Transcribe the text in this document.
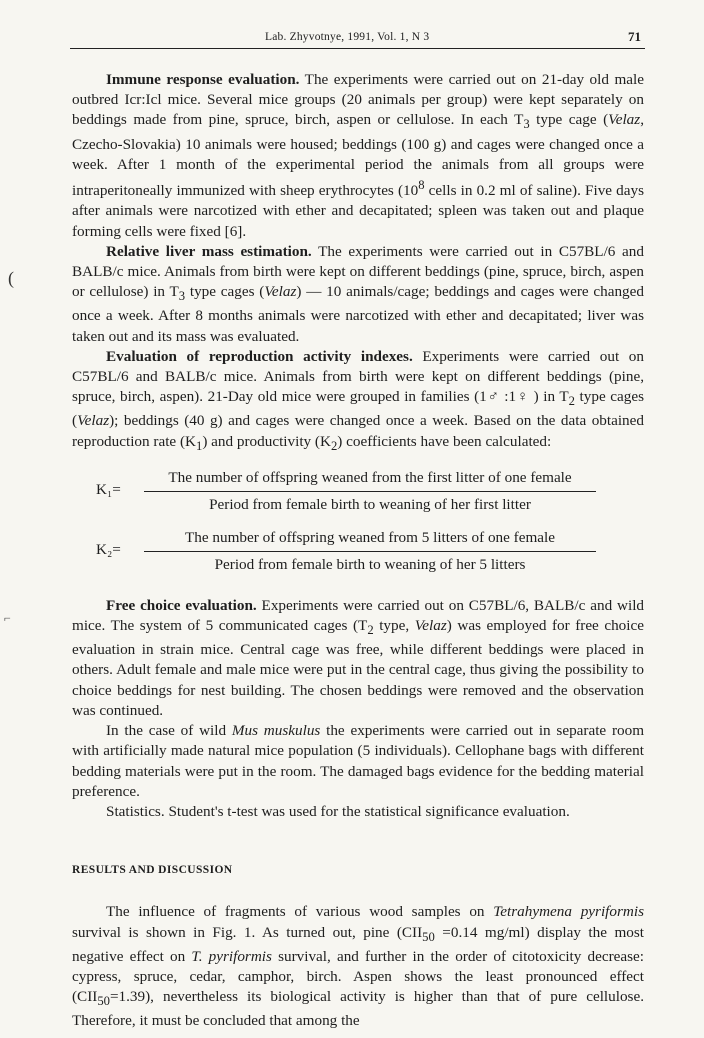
Lab. Zhyvotnye, 1991, Vol. 1, N 3	71
(
⌐

Immune response evaluation. The experiments were carried out on 21-day old male outbred Icr:Icl mice. Several mice groups (20 animals per group) were kept separately on beddings made from pine, spruce, birch, aspen or cellulose. In each $T_3$ type cage (Velaz, Czecho-Slovakia) 10 animals were housed; beddings (100 g) and cages were changed once a week. After 1 month of the experimental period the animals from all groups were intraperitoneally immunized with sheep erythrocytes ($10^8$ cells in 0.2 ml of saline). Five days after animals were narcotized with ether and decapitated; spleen was taken out and plaque forming cells were fixed [6].

Relative liver mass estimation. The experiments were carried out in C57BL/6 and BALB/c mice. Animals from birth were kept on different beddings (pine, spruce, birch, aspen or cellulose) in $T_3$ type cages (Velaz) — 10 animals/cage; beddings and cages were changed once a week. After 8 months animals were narcotized with ether and decapitated; liver was taken out and its mass was evaluated.

Evaluation of reproduction activity indexes. Experiments were carried out on C57BL/6 and BALB/c mice. Animals from birth were kept on different beddings (pine, spruce, birch, aspen). 21-Day old mice were grouped in families (1♂ :1♀ ) in $T_2$ type cages (Velaz); beddings (40 g) and cages were changed once a week. Based on the data obtained reproduction rate $(K_1)$ and productivity $(K_2)$ coefficients have been calculated:

K₁=
The number of offspring weaned from the first litter of one female
Period from female birth to weaning of her first litter
K₂=
The number of offspring weaned from 5 litters of one female
Period from female birth to weaning of her 5 litters

Free choice evaluation. Experiments were carried out on C57BL/6, BALB/c and wild mice. The system of 5 communicated cages ($T_2$ type, Velaz) was employed for free choice evaluation in strain mice. Central cage was free, while different beddings were placed in others. Adult female and male mice were put in the central cage, thus giving the possibility to choice beddings for nest building. The chosen beddings were removed and the observation was continued.

In the case of wild Mus muskulus the experiments were carried out in separate room with artificially made natural mice population (5 individuals). Cellophane bags with different bedding materials were put in the room. The damaged bags evidence for the bedding material preference.

Statistics. Student's t-test was used for the statistical significance evaluation.

RESULTS AND DISCUSSION

The influence of fragments of various wood samples on Tetrahymena pyriformis survival is shown in Fig. 1. As turned out, pine ($CII_{50} =0.14$ mg/ml) display the most negative effect on T. pyriformis survival, and further in the order of citotoxicity decrease: cypress, spruce, cedar, camphor, birch. Aspen shows the least pronounced effect $(CII_{50}=1.39)$, nevertheless its biological activity is higher than that of pure cellulose. Therefore, it must be concluded that among the
